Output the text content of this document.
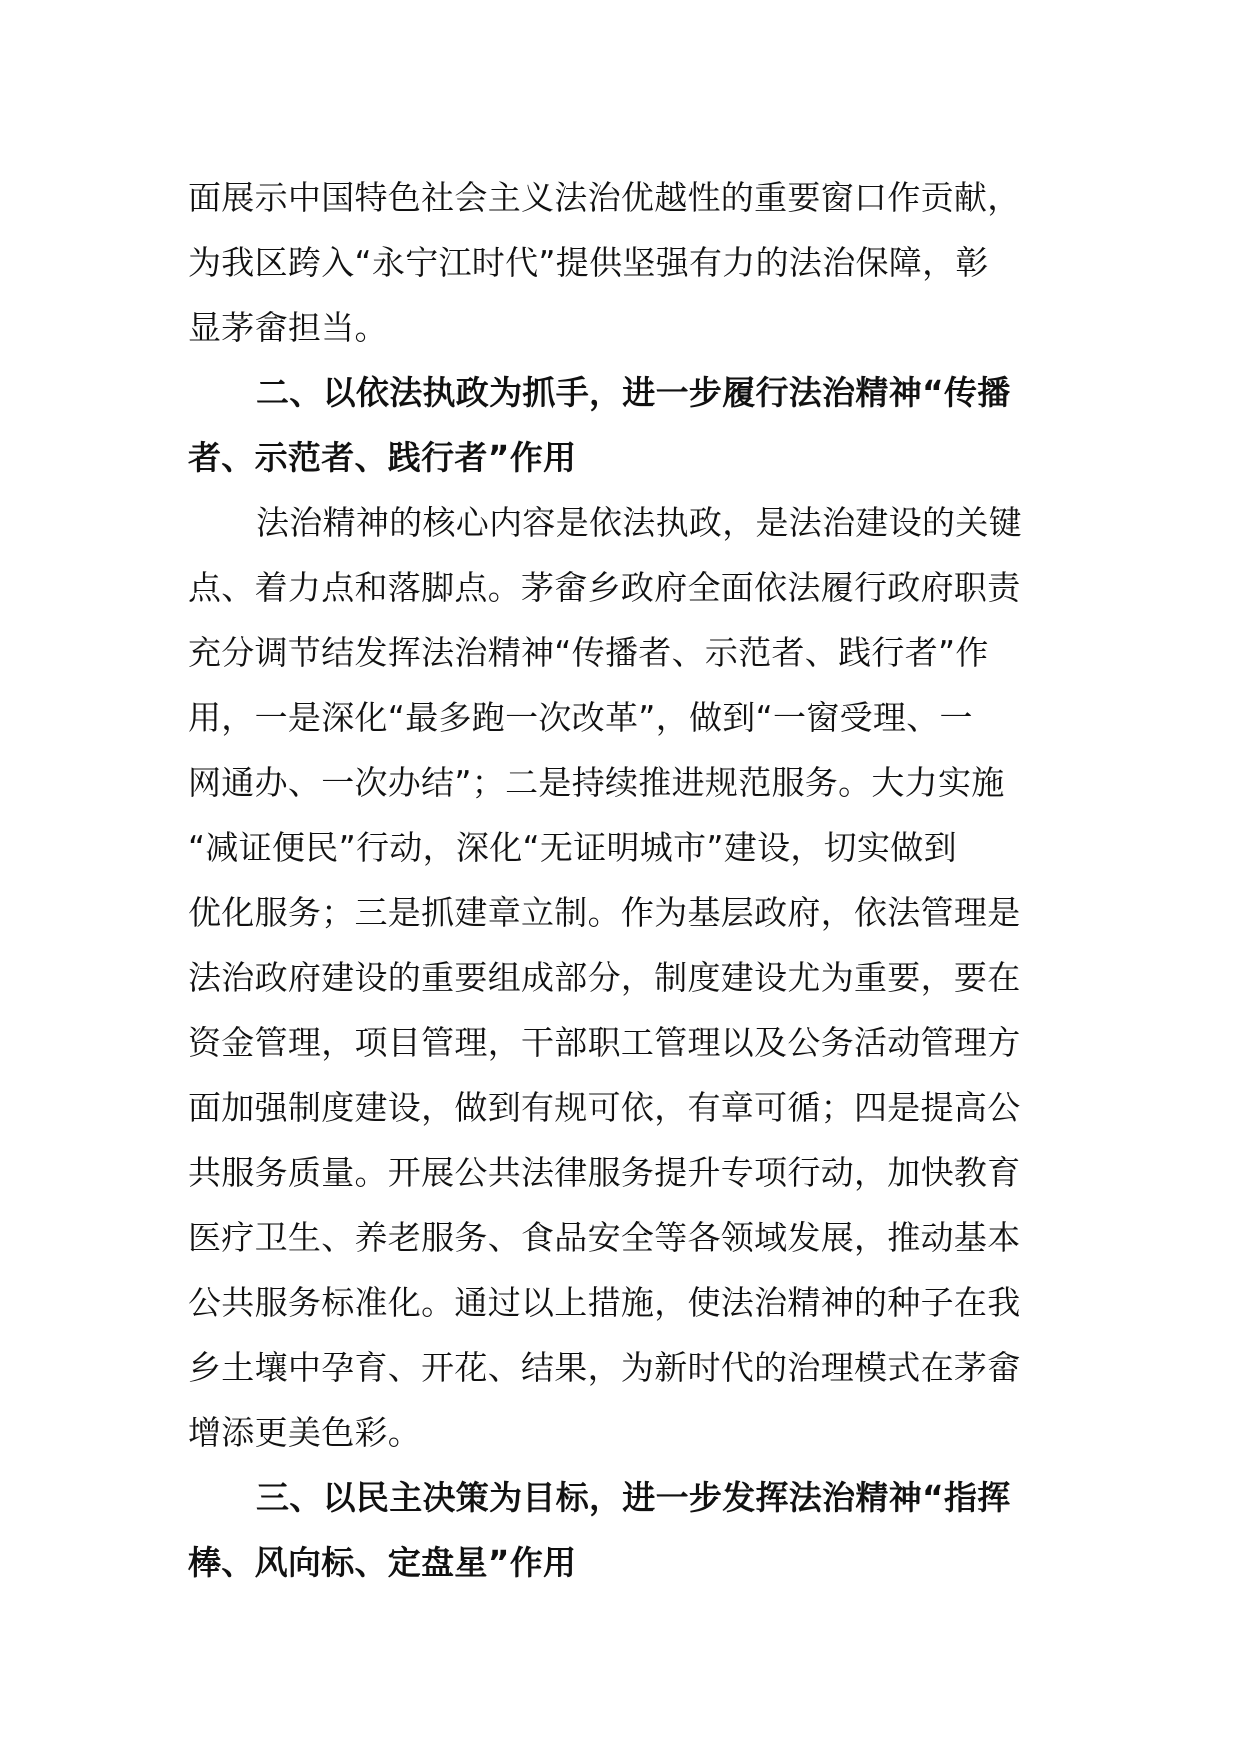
面展示中国特色社会主义法治优越性的重要窗口作贡献，
为我区跨入“永宁江时代”提供坚强有力的法治保障，彰
显茅畲担当。
二、以依法执政为抓手，进一步履行法治精神“传播
者、示范者、践行者”作用
法治精神的核心内容是依法执政，是法治建设的关键
点、着力点和落脚点。茅畲乡政府全面依法履行政府职责
充分调节结发挥法治精神“传播者、示范者、践行者”作
用，一是深化“最多跑一次改革”，做到“一窗受理、一
网通办、一次办结”；二是持续推进规范服务。大力实施
“减证便民”行动，深化“无证明城市”建设，切实做到
优化服务；三是抓建章立制。作为基层政府，依法管理是
法治政府建设的重要组成部分，制度建设尤为重要，要在
资金管理，项目管理，干部职工管理以及公务活动管理方
面加强制度建设，做到有规可依，有章可循；四是提高公
共服务质量。开展公共法律服务提升专项行动，加快教育
医疗卫生、养老服务、食品安全等各领域发展，推动基本
公共服务标准化。通过以上措施，使法治精神的种子在我
乡土壤中孕育、开花、结果，为新时代的治理模式在茅畲
增添更美色彩。
三、以民主决策为目标，进一步发挥法治精神“指挥
棒、风向标、定盘星”作用
